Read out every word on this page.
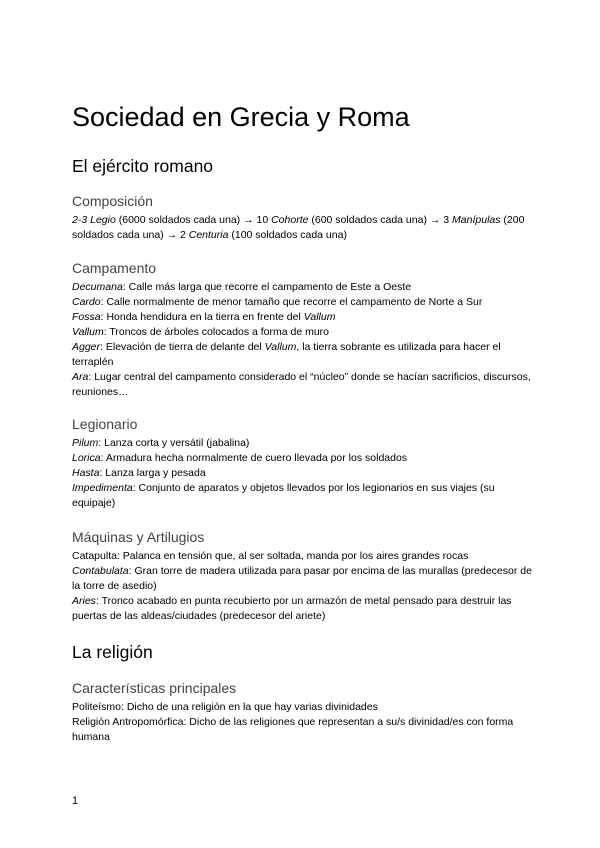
Sociedad en Grecia y Roma
El ejército romano
Composición

2-3 Legio (6000 soldados cada una) → 10 Cohorte (600 soldados cada una) → 3 Manípulas (200 soldados cada una) → 2 Centuria (100 soldados cada una)

Campamento

Decumana: Calle más larga que recorre el campamento de Este a Oeste

Cardo: Calle normalmente de menor tamaño que recorre el campamento de Norte a Sur

Fossa: Honda hendidura en la tierra en frente del Vallum

Vallum: Troncos de árboles colocados a forma de muro

Agger: Elevación de tierra de delante del Vallum, la tierra sobrante es utilizada para hacer el terraplén

Ara: Lugar central del campamento considerado el “núcleo” donde se hacían sacrificios, discursos, reuniones…

Legionario

Pilum: Lanza corta y versátil (jabalina)

Lorica: Armadura hecha normalmente de cuero llevada por los soldados

Hasta: Lanza larga y pesada

Impedimenta: Conjunto de aparatos y objetos llevados por los legionarios en sus viajes (su equipaje)

Máquinas y Artilugios

Catapulta: Palanca en tensión que, al ser soltada, manda por los aires grandes rocas

Contabulata: Gran torre de madera utilizada para pasar por encima de las murallas (predecesor de la torre de asedio)

Aries: Tronco acabado en punta recubierto por un armazón de metal pensado para destruir las puertas de las aldeas/ciudades (predecesor del ariete)

La religión
Características principales

Politeísmo: Dicho de una religión en la que hay varias divinidades

Religión Antropomórfica: Dicho de las religiones que representan a su/s divinidad/es con forma humana

1
